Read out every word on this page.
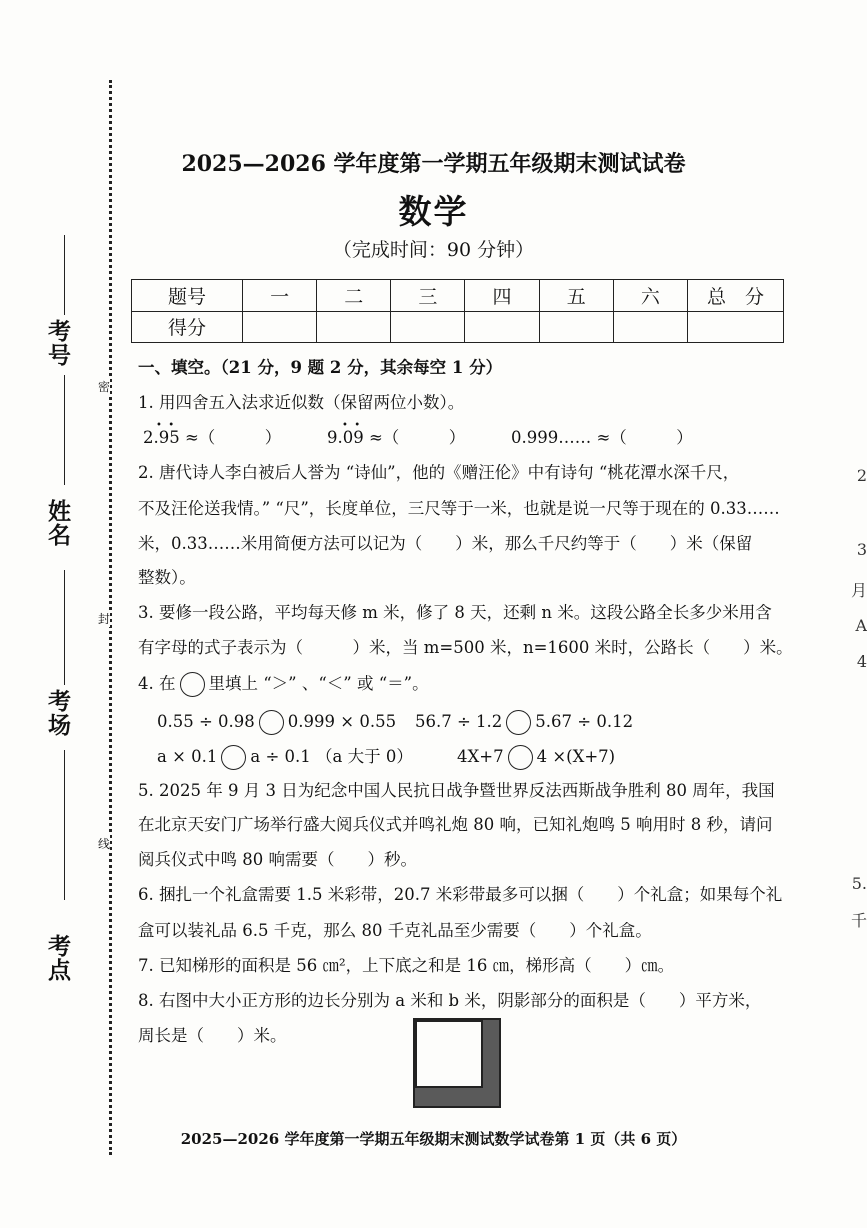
考号
姓名
考场
考点
密
封
线
2025—2026 学年度第一学期五年级期末测试试卷
数学
（完成时间：90 分钟）
题号	一	二	三	四	五	六	总　分
得分							
一、填空。（21 分，9 题 2 分，其余每空 1 分）
1. 用四舍五入法求近似数（保留两位小数）。
2.95 ≈（　　　）	9.09 ≈（　　　）	0.999…… ≈（　　　）
•  •	•  •
2. 唐代诗人李白被后人誉为 “诗仙”，他的《赠汪伦》中有诗句 “桃花潭水深千尺，
不及汪伦送我情。” “尺”，长度单位，三尺等于一米，也就是说一尺等于现在的 0.33……
米，0.33……米用简便方法可以记为（　　）米，那么千尺约等于（　　）米（保留
整数）。
3. 要修一段公路，平均每天修 m 米，修了 8 天，还剩 n 米。这段公路全长多少米用含
有字母的式子表示为（　　　）米，当 m=500 米，n=1600 米时，公路长（　　）米。
4. 在 里填上 “＞” 、“＜” 或 “＝”。
0.55 ÷ 0.98 0.999 × 0.55 56.7 ÷ 1.2 5.67 ÷ 0.12
a × 0.1 a ÷ 0.1 （a 大于 0）	4X+7 4 ×(X+7)
5. 2025 年 9 月 3 日为纪念中国人民抗日战争暨世界反法西斯战争胜利 80 周年，我国
在北京天安门广场举行盛大阅兵仪式并鸣礼炮 80 响，已知礼炮鸣 5 响用时 8 秒，请问
阅兵仪式中鸣 80 响需要（　　）秒。
6. 捆扎一个礼盒需要 1.5 米彩带，20.7 米彩带最多可以捆（　　）个礼盒；如果每个礼
盒可以装礼品 6.5 千克，那么 80 千克礼品至少需要（　　）个礼盒。
7. 已知梯形的面积是 56 ㎝²，上下底之和是 16 ㎝，梯形高（　　）㎝。
8. 右图中大小正方形的边长分别为 a 米和 b 米，阴影部分的面积是（　　）平方米，
周长是（　　）米。
2
3
月
A
4
5.
千
2025—2026 学年度第一学期五年级期末测试数学试卷第 1 页（共 6 页）
